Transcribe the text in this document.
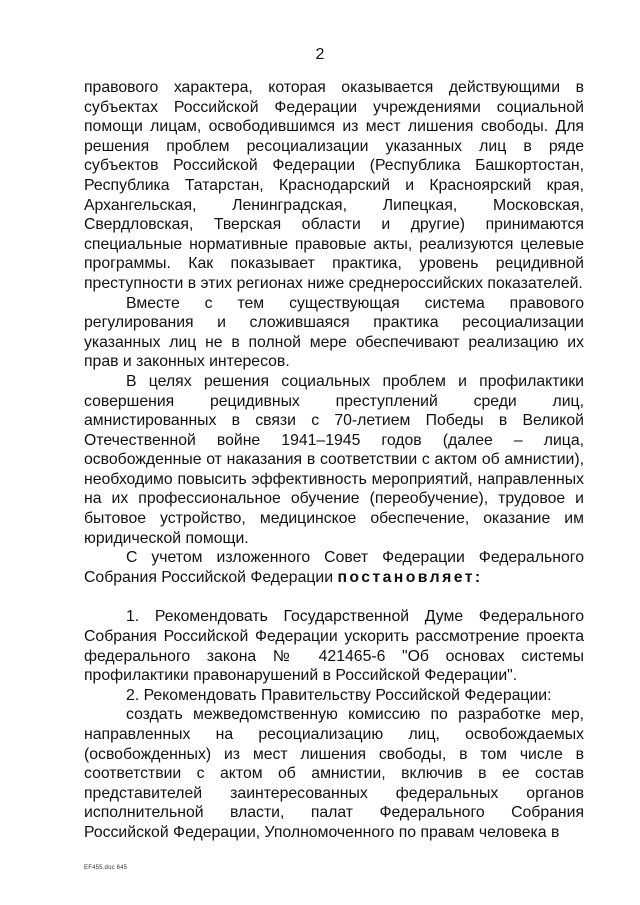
2

правового характера, которая оказывается действующими в субъектах Российской Федерации учреждениями социальной помощи лицам, освободившимся из мест лишения свободы. Для решения проблем ресоциализации указанных лиц в ряде субъектов Российской Федерации (Республика Башкортостан, Республика Татарстан, Краснодарский и Красноярский края, Архангельская, Ленинградская, Липецкая, Московская, Свердловская, Тверская области и другие) принимаются специальные нормативные правовые акты, реализуются целевые программы. Как показывает практика, уровень рецидивной преступности в этих регионах ниже среднероссийских показателей.

Вместе с тем существующая система правового регулирования и сложившаяся практика ресоциализации указанных лиц не в полной мере обеспечивают реализацию их прав и законных интересов.

В целях решения социальных проблем и профилактики совершения рецидивных преступлений среди лиц, амнистированных в связи с 70-летием Победы в Великой Отечественной войне 1941–1945 годов (далее – лица, освобожденные от наказания в соответствии с актом об амнистии), необходимо повысить эффективность мероприятий, направленных на их профессиональное обучение (переобучение), трудовое и бытовое устройство, медицинское обеспечение, оказание им юридической помощи.

С учетом изложенного Совет Федерации Федерального Собрания Российской Федерации постановляет:

1. Рекомендовать Государственной Думе Федерального Собрания Российской Федерации ускорить рассмотрение проекта федерального закона № 421465-6 "Об основах системы профилактики правонарушений в Российской Федерации".

2. Рекомендовать Правительству Российской Федерации:

создать межведомственную комиссию по разработке мер, направленных на ресоциализацию лиц, освобождаемых (освобожденных) из мест лишения свободы, в том числе в соответствии с актом об амнистии, включив в ее состав представителей заинтересованных федеральных органов исполнительной власти, палат Федерального Собрания Российской Федерации, Уполномоченного по правам человека в

EF455.doc 645
